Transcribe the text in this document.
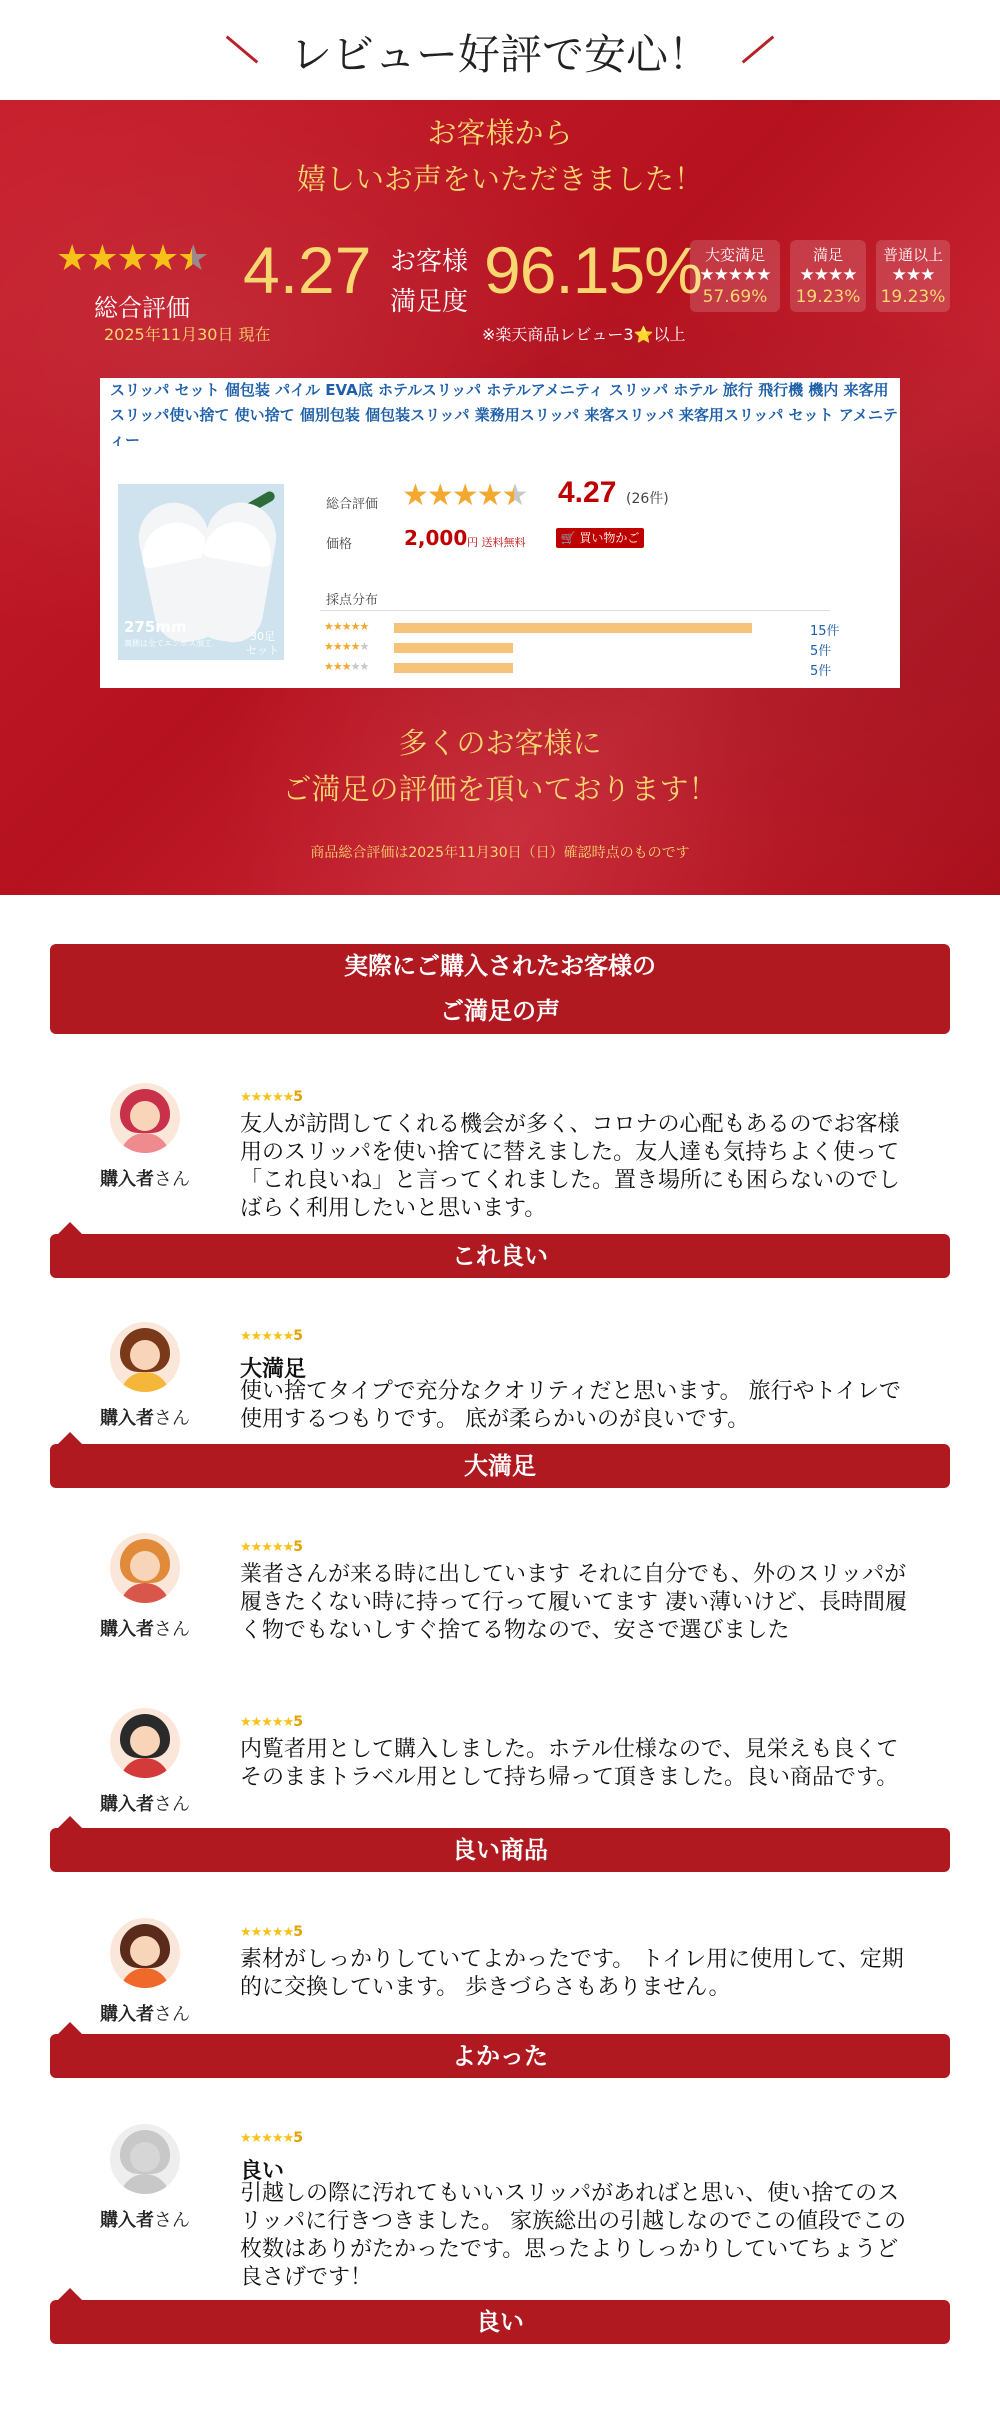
レビュー好評で安心！
お客様から
嬉しいお声をいただきました！
★★★★★ ★
総合評価
4.27 お客様
満足度 96.15% 大変満足
★★★★★
57.69%
満足
★★★★
19.23%
普通以上
★★★
19.23%
2025年11月30日 現在	※楽天商品レビュー3⭐️以上
スリッパ セット 個包装 パイル EVA底 ホテルスリッパ ホテルアメニティ スリッパ ホテル 旅行 飛行機 機内 来客用スリッパ使い捨て 使い捨て 個別包装 個包装スリッパ 業務用スリッパ 来客スリッパ 来客用スリッパ セット アメニティー
275mm
裏側は全てエンボス加工
30足
セット
総合評価 ★★★★★ ★ 4.27 (26件)
価格	2,000 円 送料無料	🛒 買い物かご
採点分布
★★★★★	15件
★★★★★	5件
★★★★★	5件
多くのお客様に
ご満足の評価を頂いております！
商品総合評価は2025年11月30日（日）確認時点のものです
実際にご購入されたお客様の
ご満足の声
購入者さん
★★★★★5
友人が訪問してくれる機会が多く、コロナの心配もあるのでお客様用のスリッパを使い捨てに替えました。友人達も気持ちよく使って「これ良いね」と言ってくれました。置き場所にも困らないのでしばらく利用したいと思います。
これ良い
購入者さん
★★★★★5
大満足
使い捨てタイプで充分なクオリティだと思います。 旅行やトイレで使用するつもりです。 底が柔らかいのが良いです。
大満足
購入者さん
★★★★★5
業者さんが来る時に出しています それに自分でも、外のスリッパが履きたくない時に持って行って履いてます 凄い薄いけど、長時間履く物でもないしすぐ捨てる物なので、安さで選びました
購入者さん
★★★★★5
内覧者用として購入しました。ホテル仕様なので、見栄えも良くてそのままトラベル用として持ち帰って頂きました。良い商品です。
良い商品
購入者さん
★★★★★5
素材がしっかりしていてよかったです。 トイレ用に使用して、定期的に交換しています。 歩きづらさもありません。
よかった
購入者さん
★★★★★5
良い
引越しの際に汚れてもいいスリッパがあればと思い、使い捨てのスリッパに行きつきました。 家族総出の引越しなのでこの値段でこの枚数はありがたかったです。思ったよりしっかりしていてちょうど良さげです！
良い
